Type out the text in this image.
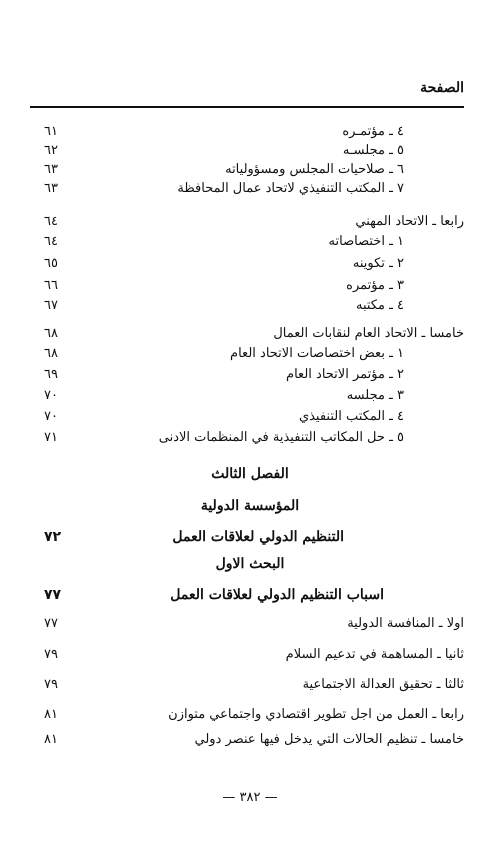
الصفحة
٤ ـ مؤتمـره
٦١
٥ ـ مجلسـه
٦٢
٦ ـ صلاحيات المجلس ومسؤولياته
٦٣
٧ ـ المكتب التنفيذي لاتحاد عمال المحافظة
٦٣
رابعا ـ الاتحاد المهني
٦٤
١ ـ اختصاصاته
٦٤
٢ ـ تكوينه
٦٥
٣ ـ مؤتمره
٦٦
٤ ـ مكتبه
٦٧
خامسا ـ الاتحاد العام لنقابات العمال
٦٨
١ ـ بعض اختصاصات الاتحاد العام
٦٨
٢ ـ مؤتمر الاتحاد العام
٦٩
٣ ـ مجلسه
٧٠
٤ ـ المكتب التنفيذي
٧٠
٥ ـ حل المكاتب التنفيذية في المنظمات الادنى
٧١
الفصل الثالث
المؤسسة الدولية
التنظيم الدولي لعلاقات العمل
٧٢
البحث الاول
اسباب التنظيم الدولي لعلاقات العمل
٧٧
اولا ـ المنافسة الدولية
٧٧
ثانيا ـ المساهمة في تدعيم السلام
٧٩
ثالثا ـ تحقيق العدالة الاجتماعية
٧٩
رابعا ـ العمل من اجل تطوير اقتصادي واجتماعي متوازن
٨١
خامسا ـ تنظيم الحالات التي يدخل فيها عنصر دولي
٨١
— ٣٨٢ —
